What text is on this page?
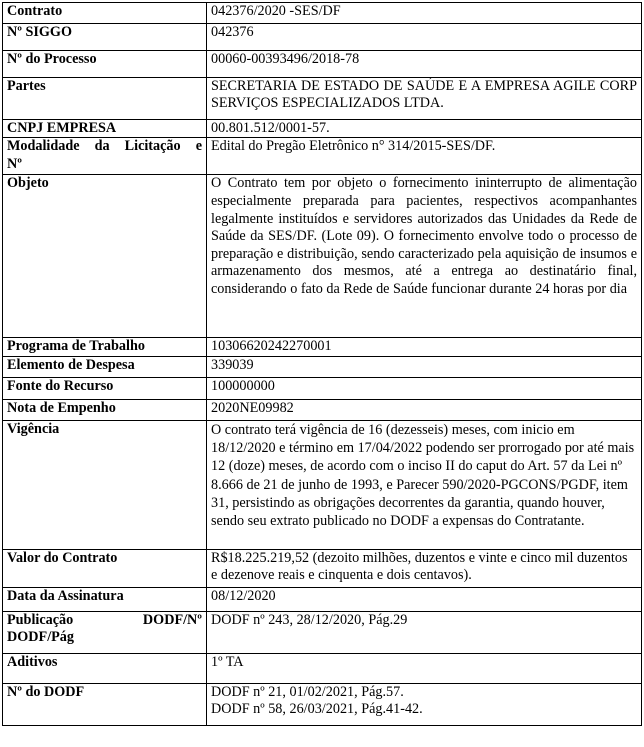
Contrato	042376/2020 -SES/DF
Nº SIGGO	042376
Nº do Processo	00060-00393496/2018-78
Partes	SECRETARIA DE ESTADO DE SAÚDE E A EMPRESA AGILE CORP SERVIÇOS ESPECIALIZADOS LTDA.
CNPJ EMPRESA	00.801.512/0001-57.

Modalidade da Licitação e
Nº	Edital do Pregão Eletrônico n° 314/2015-SES/DF.
Objeto	O Contrato tem por objeto o fornecimento ininterrupto de alimentação especialmente preparada para pacientes, respectivos acompanhantes legalmente instituídos e servidores autorizados das Unidades da Rede de Saúde da SES/DF. (Lote 09). O fornecimento envolve todo o processo de preparação e distribuição, sendo caracterizado pela aquisição de insumos e armazenamento dos mesmos, até a entrega ao destinatário final, considerando o fato da Rede de Saúde funcionar durante 24 horas por dia
Programa de Trabalho	10306620242270001
Elemento de Despesa	339039
Fonte do Recurso	100000000
Nota de Empenho	2020NE09982
Vigência	O contrato terá vigência de 16 (dezesseis) meses, com inicio em 18/12/2020 e término em 17/04/2022 podendo ser prorrogado por até mais 12 (doze) meses, de acordo com o inciso II do caput do Art. 57 da Lei nº 8.666 de 21 de junho de 1993, e Parecer 590/2020-PGCONS/PGDF, item 31, persistindo as obrigações decorrentes da garantia, quando houver, sendo seu extrato publicado no DODF a expensas do Contratante.
Valor do Contrato	R$18.225.219,52 (dezoito milhões, duzentos e vinte e cinco mil duzentos e dezenove reais e cinquenta e dois centavos).
Data da Assinatura	08/12/2020

Publicação DODF/Nº
DODF/Pág	DODF nº 243, 28/12/2020, Pág.29
Aditivos	1º TA
Nº do DODF	DODF nº 21, 01/02/2021, Pág.57.
DODF nº 58, 26/03/2021, Pág.41-42.
